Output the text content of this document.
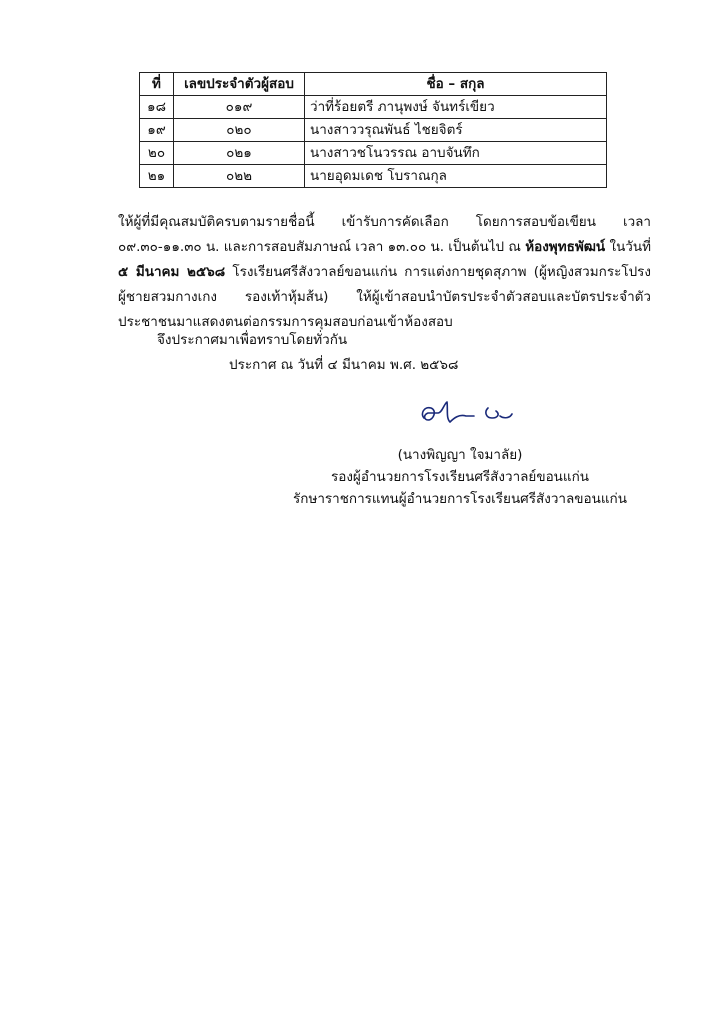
ที่	เลขประจำตัวผู้สอบ	ชื่อ – สกุล
๑๘	๐๑๙	ว่าที่ร้อยตรี ภานุพงษ์ จันทร์เขียว
๑๙	๐๒๐	นางสาววรุณพันธ์ ไชยจิตร์
๒๐	๐๒๑	นางสาวชโนวรรณ อาบจันทึก
๒๑	๐๒๒	นายอุดมเดช โบราณกุล

ให้ผู้ที่มีคุณสมบัติครบตามรายชื่อนี้ เข้ารับการคัดเลือก โดยการสอบข้อเขียน เวลา ๐๙.๓๐-๑๑.๓๐ น. และการสอบสัมภาษณ์ เวลา ๑๓.๐๐ น. เป็นต้นไป ณ ห้องพุทธพัฒน์ ในวันที่ ๕ มีนาคม ๒๕๖๘ โรงเรียนศรีสังวาลย์ขอนแก่น การแต่งกายชุดสุภาพ (ผู้หญิงสวมกระโปรง ผู้ชายสวมกางเกง รองเท้าหุ้มส้น) ให้ผู้เข้าสอบนำบัตรประจำตัวสอบและบัตรประจำตัวประชาชนมาแสดงตนต่อกรรมการคุมสอบก่อนเข้าห้องสอบ

จึงประกาศมาเพื่อทราบโดยทั่วกัน
ประกาศ ณ วันที่ ๔ มีนาคม พ.ศ. ๒๕๖๘
(นางพิญญา ใจมาลัย)
รองผู้อำนวยการโรงเรียนศรีสังวาลย์ขอนแก่น
รักษาราชการแทนผู้อำนวยการโรงเรียนศรีสังวาลขอนแก่น
